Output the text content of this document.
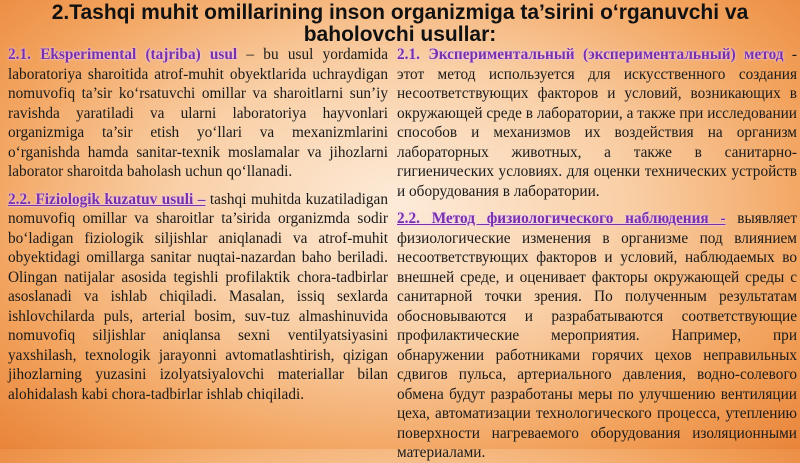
2.Tashqi muhit omillarining inson organizmiga ta’sirini o‘rganuvchi va baholovchi usullar:

2.1. Eksperimental (tajriba) usul – bu usul yordamida laboratoriya sharoitida atrof-muhit obyektlarida uchraydigan nomuvofiq ta’sir ko‘rsatuvchi omillar va sharoitlarni sun’iy ravishda yaratiladi va ularni laboratoriya hayvonlari organizmiga ta’sir etish yo‘llari va mexanizmlarini o‘rganishda hamda sanitar-texnik moslamalar va jihozlarni laborator sharoitda baholash uchun qo‘llanadi.

2.2. Fiziologik kuzatuv usuli – tashqi muhitda kuzatiladigan nomuvofiq omillar va sharoitlar ta’sirida organizmda sodir bo‘ladigan fiziologik siljishlar aniqlanadi va atrof-muhit obyektidagi omillarga sanitar nuqtai-nazardan baho beriladi. Olingan natijalar asosida tegishli profilaktik chora-tadbirlar asoslanadi va ishlab chiqiladi. Masalan, issiq sexlarda ishlovchilarda puls, arterial bosim, suv-tuz almashinuvida nomuvofiq siljishlar aniqlansa sexni ventilyatsiyasini yaxshilash, texnologik jarayonni avtomatlashtirish, qizigan jihozlarning yuzasini izolyatsiyalovchi materiallar bilan alohidalash kabi chora-tadbirlar ishlab chiqiladi.

2.1. Экспериментальный (экспериментальный) метод - этот метод используется для искусственного создания несоответствующих факторов и условий, возникающих в окружающей среде в лаборатории, а также при исследовании способов и механизмов их воздействия на организм лабораторных животных, а также в санитарно-гигиенических условиях. для оценки технических устройств и оборудования в лаборатории.

2.2. Метод физиологического наблюдения - выявляет физиологические изменения в организме под влиянием несоответствующих факторов и условий, наблюдаемых во внешней среде, и оценивает факторы окружающей среды с санитарной точки зрения. По полученным результатам обосновываются и разрабатываются соответствующие профилактические мероприятия. Например, при обнаружении работниками горячих цехов неправильных сдвигов пульса, артериального давления, водно-солевого обмена будут разработаны меры по улучшению вентиляции цеха, автоматизации технологического процесса, утеплению поверхности нагреваемого оборудования изоляционными материалами.
